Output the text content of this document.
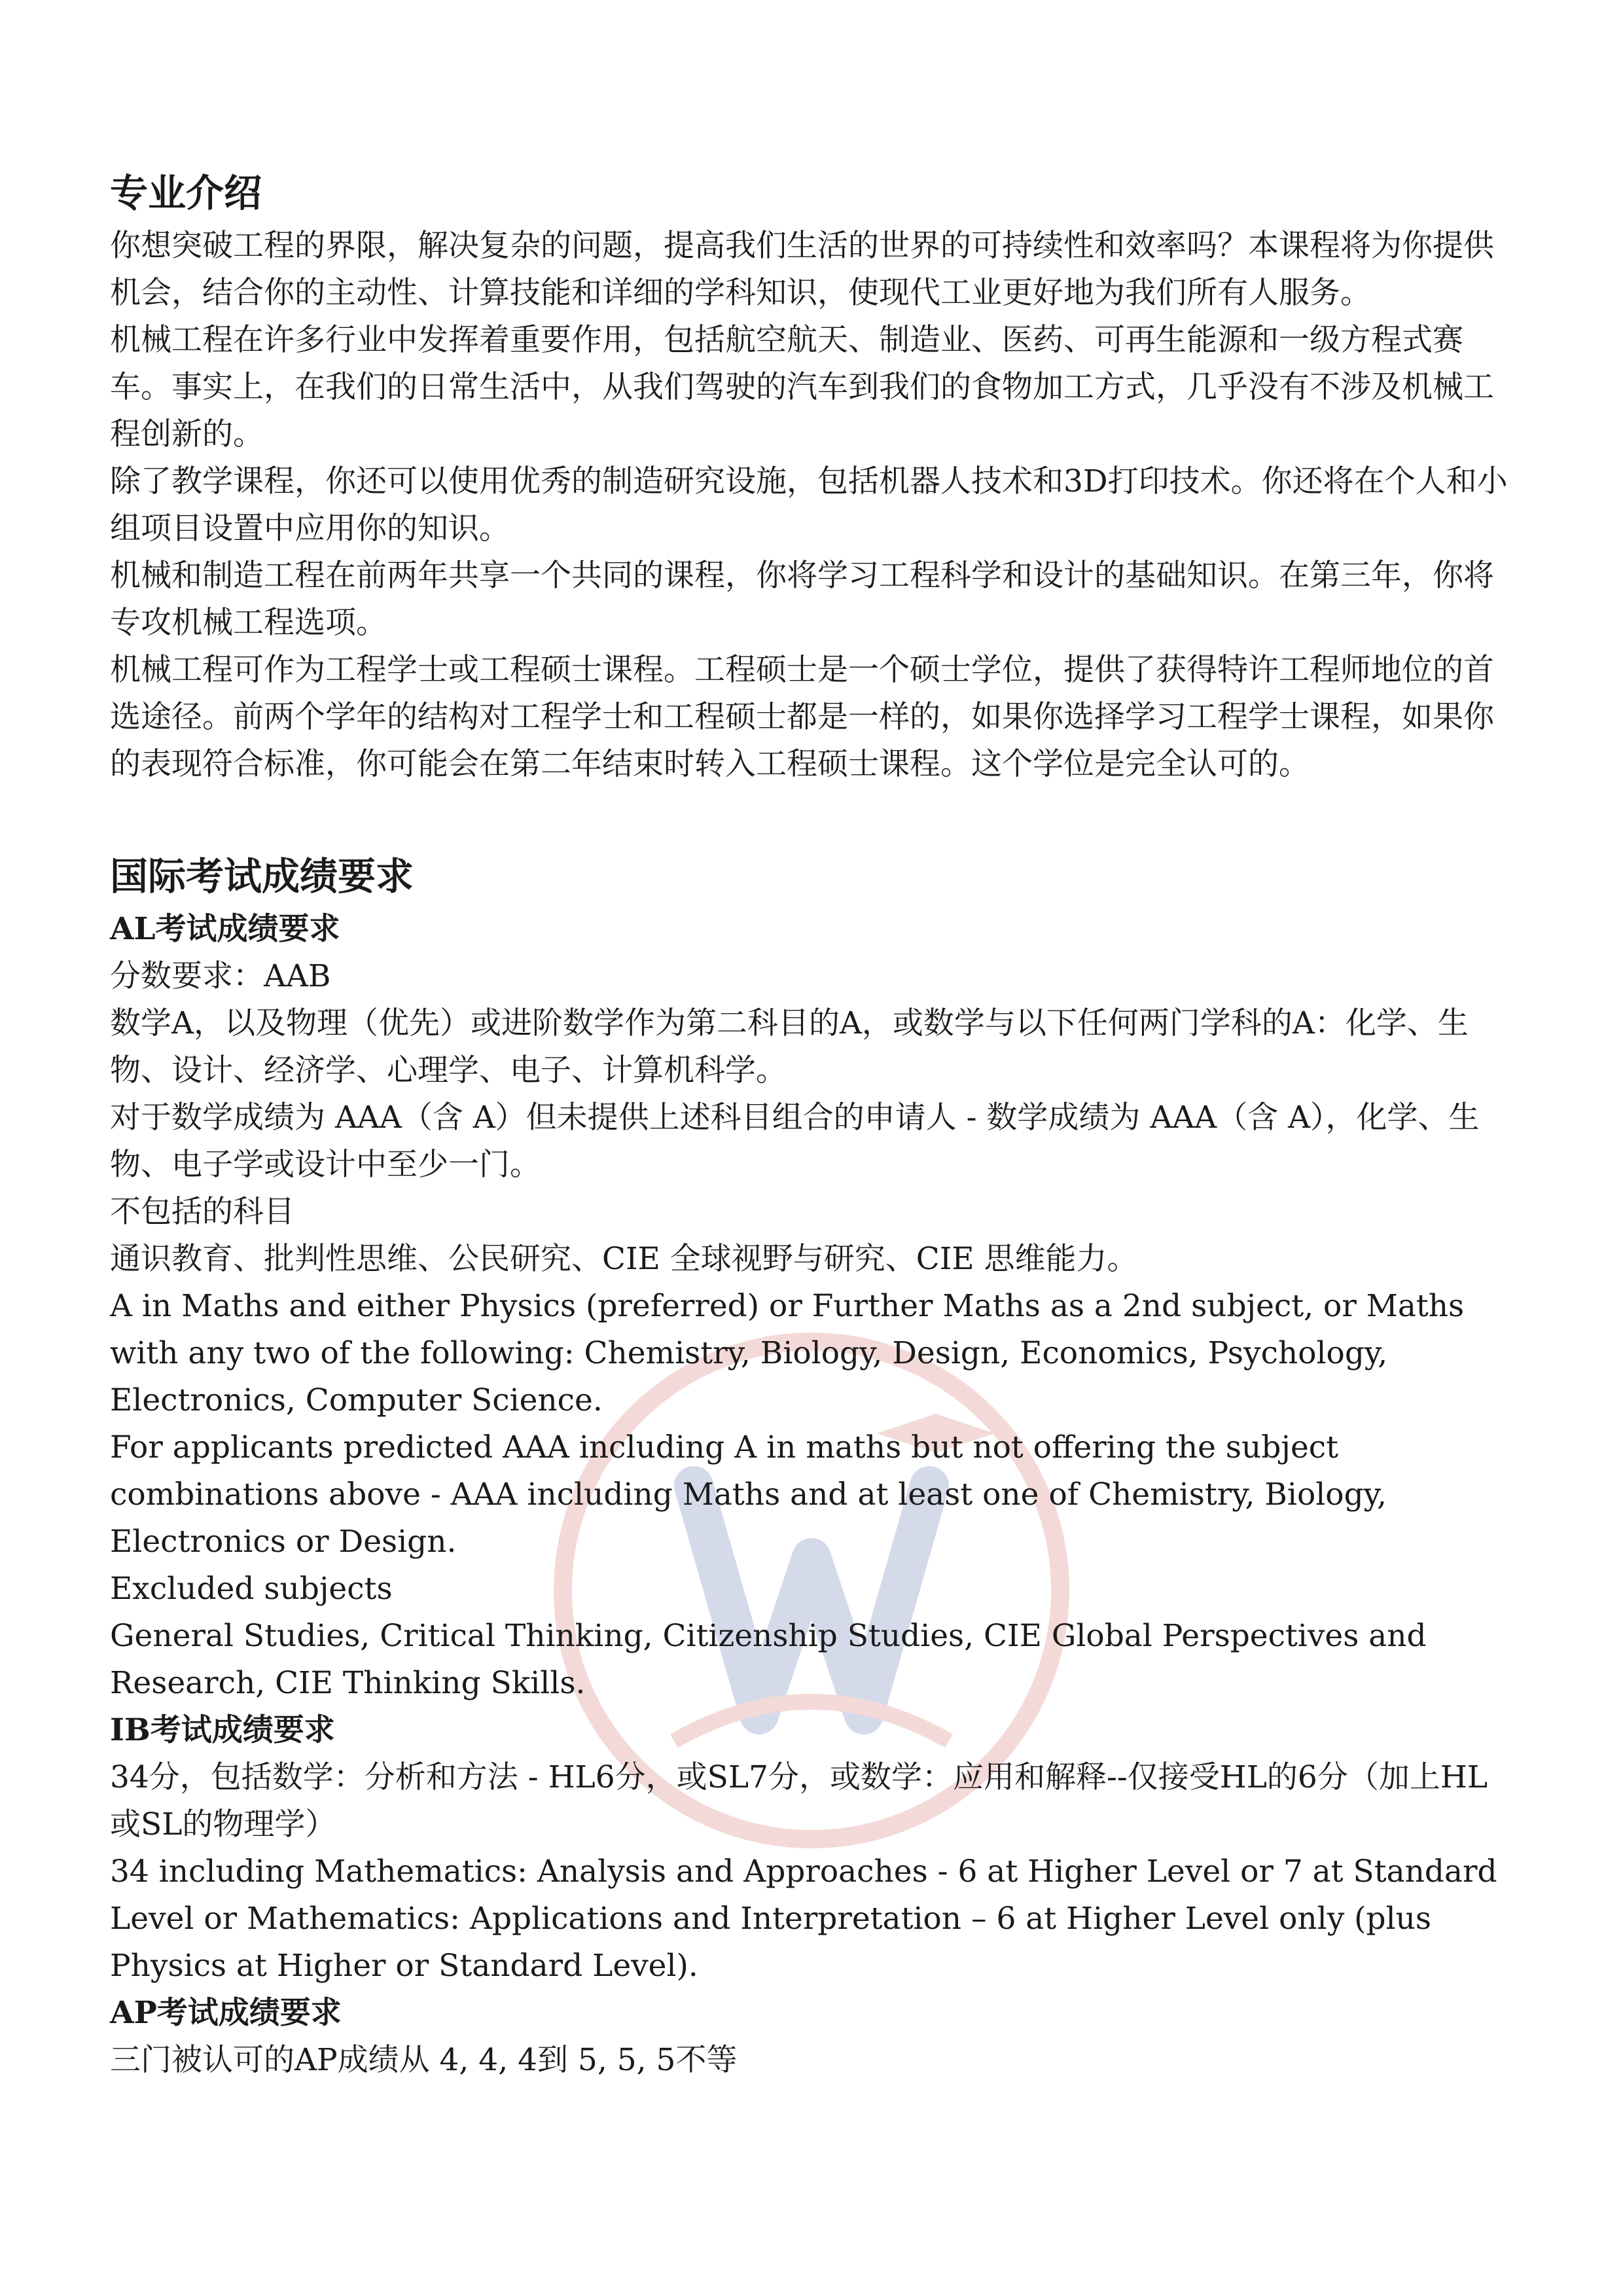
专业介绍

你想突破工程的界限，解决复杂的问题，提高我们生活的世界的可持续性和效率吗？本课程将为你提供机会，结合你的主动性、计算技能和详细的学科知识，使现代工业更好地为我们所有人服务。

机械工程在许多行业中发挥着重要作用，包括航空航天、制造业、医药、可再生能源和一级方程式赛车。事实上，在我们的日常生活中，从我们驾驶的汽车到我们的食物加工方式，几乎没有不涉及机械工程创新的。

除了教学课程，你还可以使用优秀的制造研究设施，包括机器人技术和3D打印技术。你还将在个人和小组项目设置中应用你的知识。

机械和制造工程在前两年共享一个共同的课程，你将学习工程科学和设计的基础知识。在第三年，你将专攻机械工程选项。

机械工程可作为工程学士或工程硕士课程。工程硕士是一个硕士学位，提供了获得特许工程师地位的首选途径。前两个学年的结构对工程学士和工程硕士都是一样的，如果你选择学习工程学士课程，如果你的表现符合标准，你可能会在第二年结束时转入工程硕士课程。这个学位是完全认可的。

国际考试成绩要求
AL考试成绩要求

分数要求：AAB

数学A，以及物理（优先）或进阶数学作为第二科目的A，或数学与以下任何两门学科的A：化学、生物、设计、经济学、心理学、电子、计算机科学。

对于数学成绩为 AAA（含 A）但未提供上述科目组合的申请人 - 数学成绩为 AAA（含 A），化学、生物、电子学或设计中至少一门。

不包括的科目

通识教育、批判性思维、公民研究、CIE 全球视野与研究、CIE 思维能力。

A in Maths and either Physics (preferred) or Further Maths as a 2nd subject, or Maths with any two of the following: Chemistry, Biology, Design, Economics, Psychology, Electronics, Computer Science.

For applicants predicted AAA including A in maths but not offering the subject combinations above - AAA including Maths and at least one of Chemistry, Biology, Electronics or Design.

Excluded subjects

General Studies, Critical Thinking, Citizenship Studies, CIE Global Perspectives and Research, CIE Thinking Skills.

IB考试成绩要求

34分，包括数学：分析和方法 - HL6分，或SL7分，或数学：应用和解释--仅接受HL的6分（加上HL或SL的物理学）

34 including Mathematics: Analysis and Approaches - 6 at Higher Level or 7 at Standard Level or Mathematics: Applications and Interpretation – 6 at Higher Level only (plus Physics at Higher or Standard Level).

AP考试成绩要求

三门被认可的AP成绩从 4, 4, 4到 5, 5, 5不等
